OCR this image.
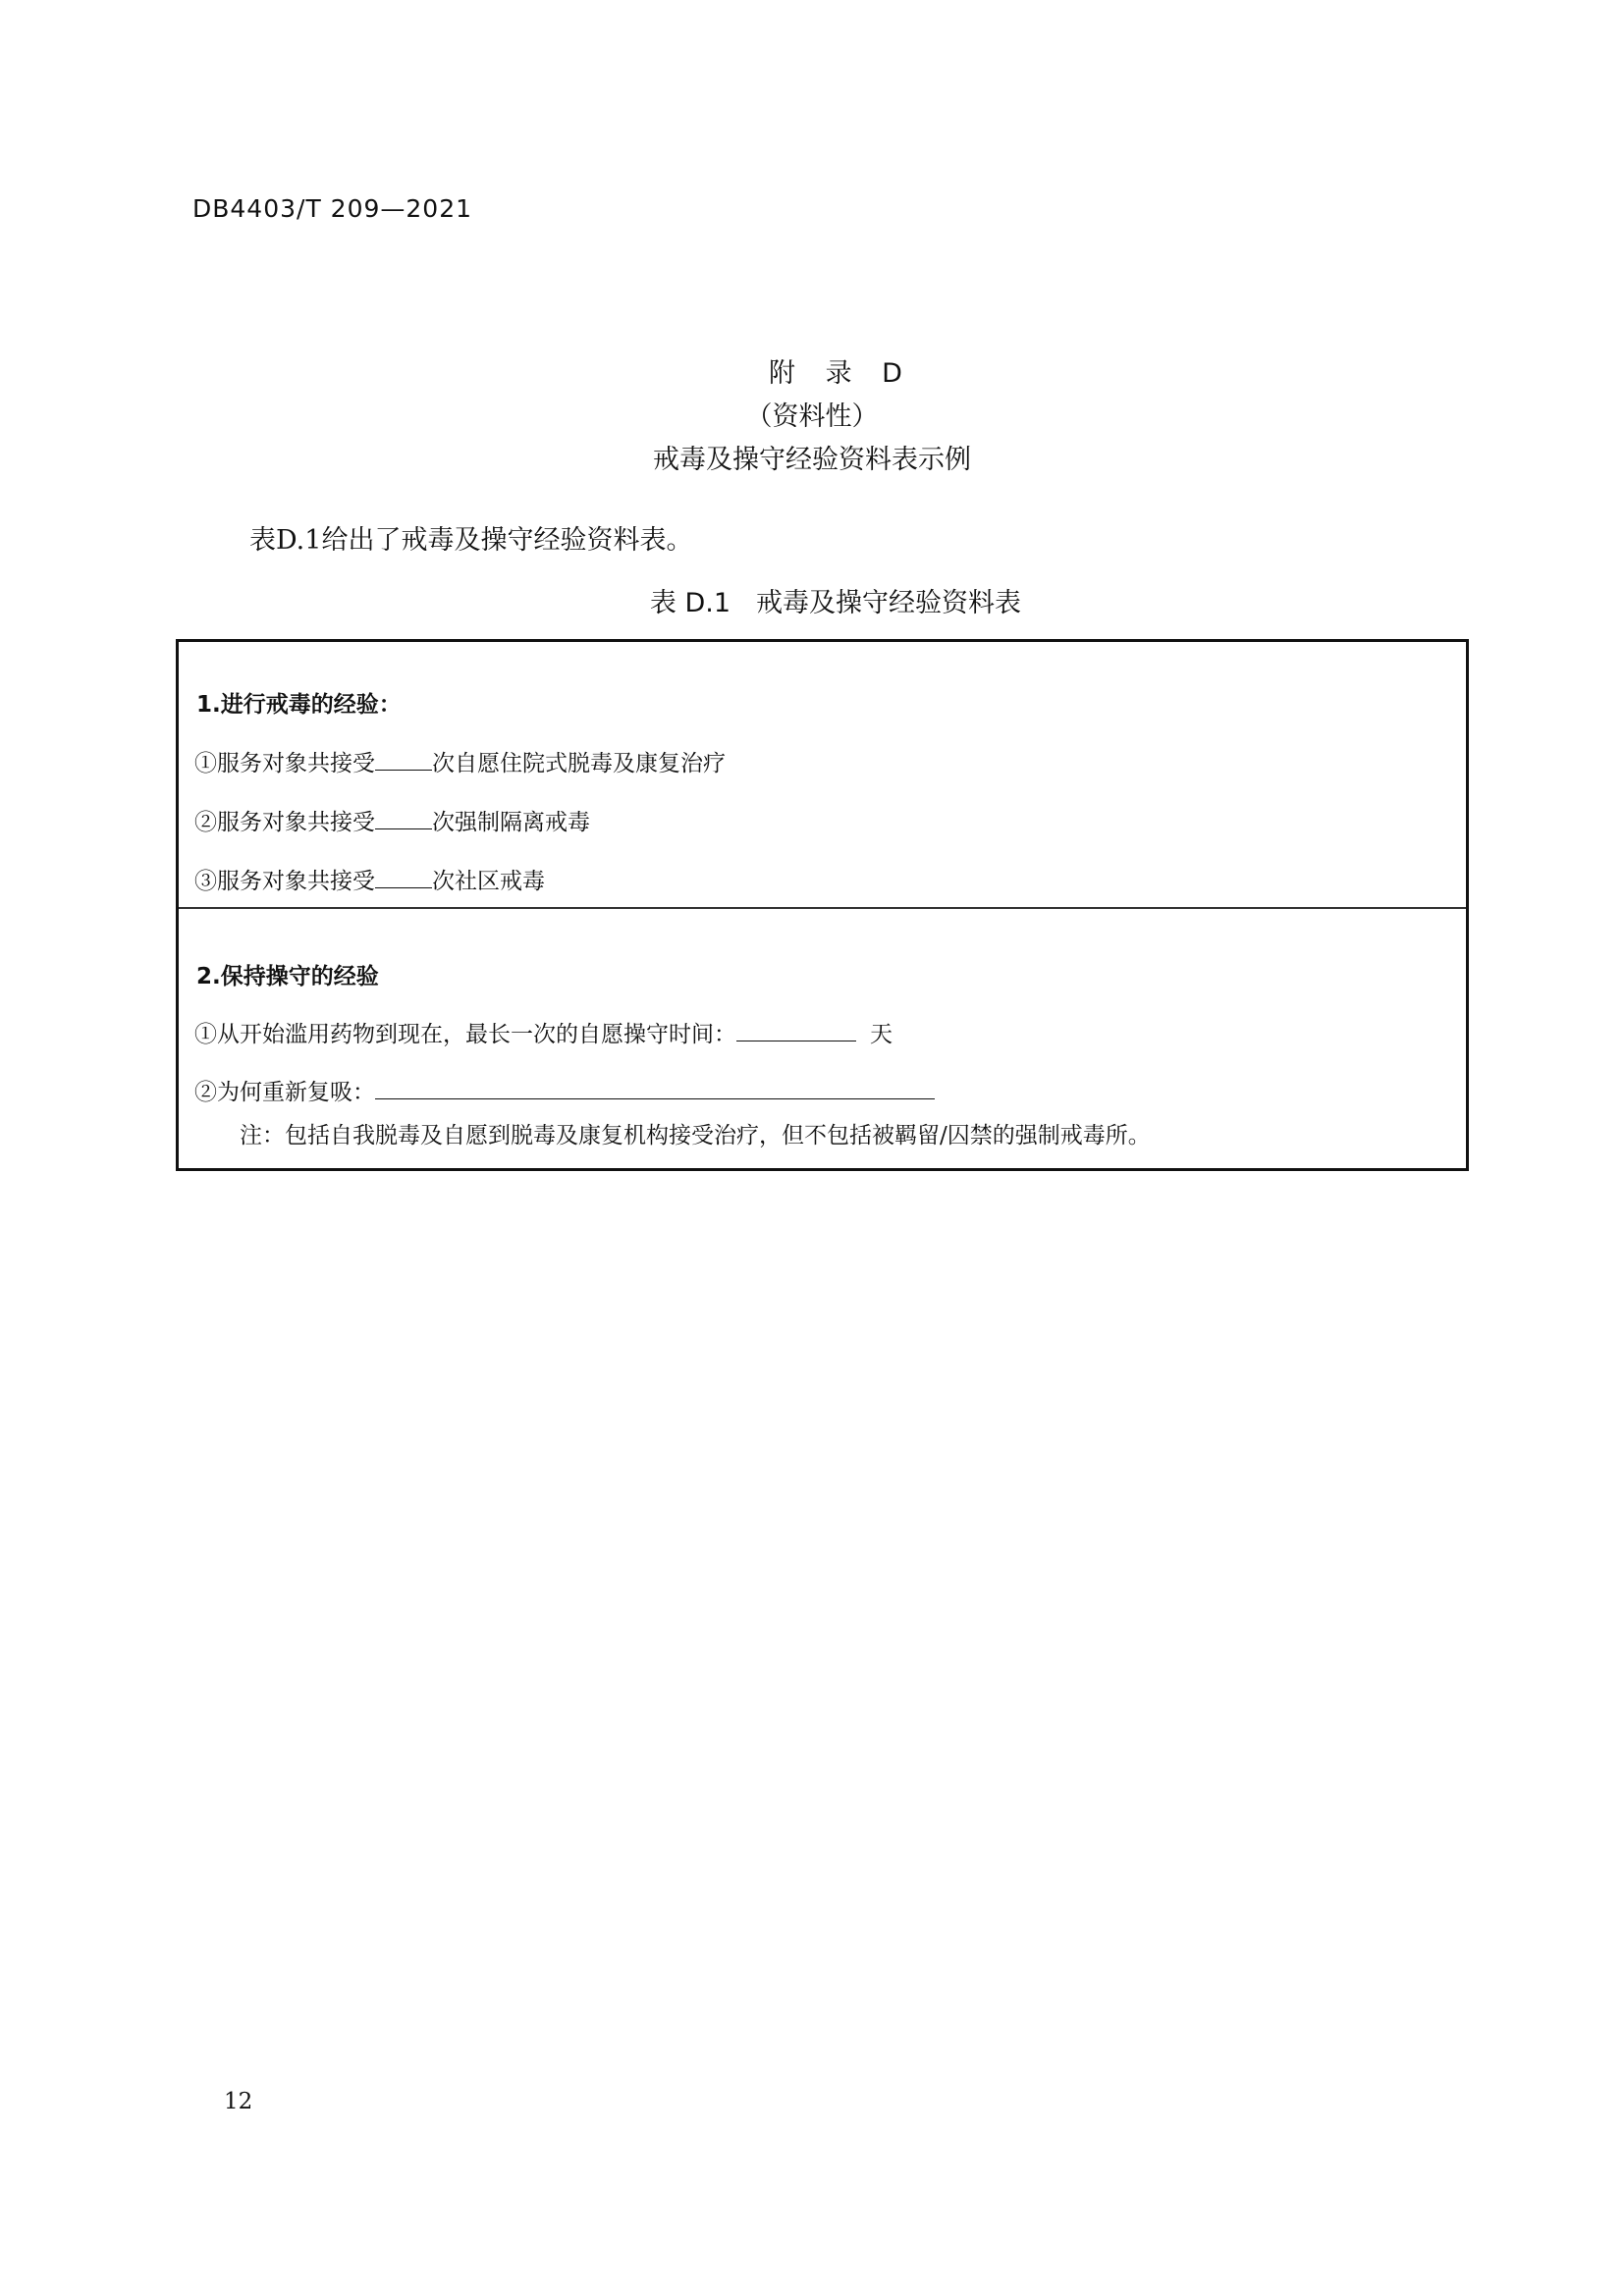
DB4403/T 209—2021
附 录 D
（资料性）
戒毒及操守经验资料表示例
表D.1给出了戒毒及操守经验资料表。
表 D.1 戒毒及操守经验资料表
1.进行戒毒的经验：
①服务对象共接受	次自愿住院式脱毒及康复治疗
②服务对象共接受	次强制隔离戒毒
③服务对象共接受	次社区戒毒
2.保持操守的经验
①从开始滥用药物到现在，最长一次的自愿操守时间：	天
②为何重新复吸：
注：包括自我脱毒及自愿到脱毒及康复机构接受治疗，但不包括被羁留/囚禁的强制戒毒所。
12
